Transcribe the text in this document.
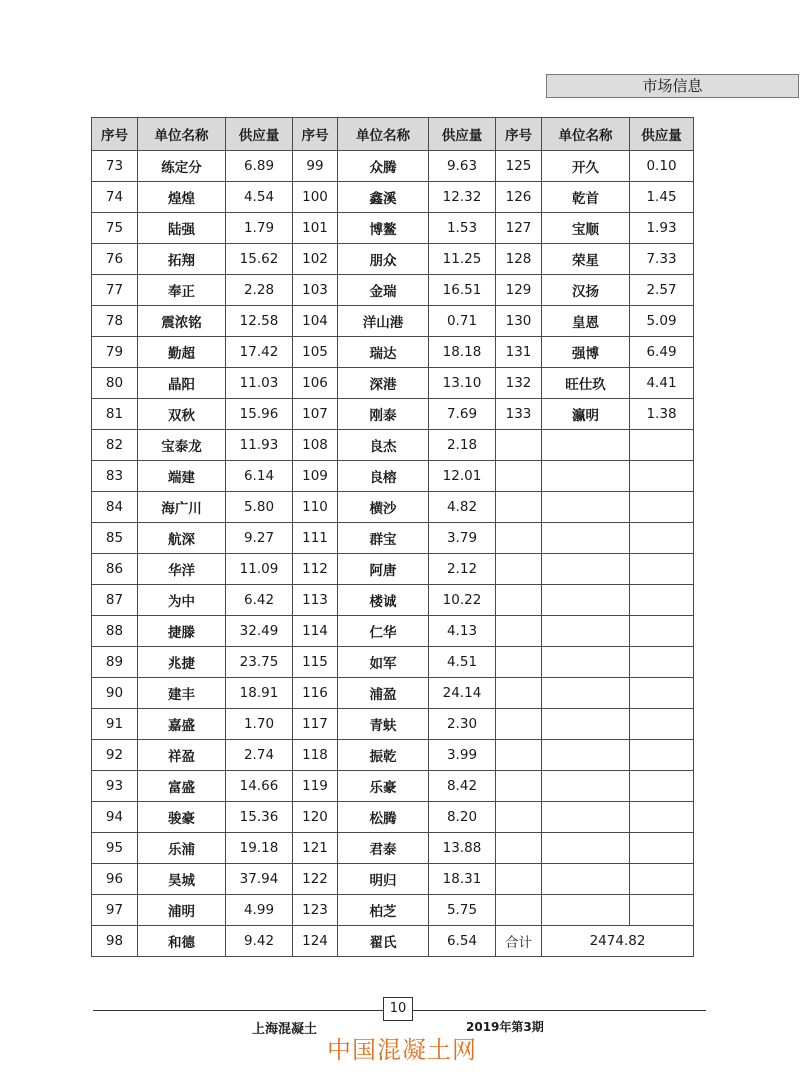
市场信息
序号	单位名称	供应量	序号	单位名称	供应量	序号	单位名称	供应量
73	练定分	6.89	99	众腾	9.63	125	开久	0.10
74	煌煌	4.54	100	鑫溪	12.32	126	乾首	1.45
75	陆强	1.79	101	博鳌	1.53	127	宝顺	1.93
76	拓翔	15.62	102	朋众	11.25	128	荣星	7.33
77	奉正	2.28	103	金瑞	16.51	129	汉扬	2.57
78	震浓铭	12.58	104	洋山港	0.71	130	皇恩	5.09
79	勤超	17.42	105	瑞达	18.18	131	强博	6.49
80	晶阳	11.03	106	深港	13.10	132	旺仕玖	4.41
81	双秋	15.96	107	刚泰	7.69	133	瀛明	1.38
82	宝泰龙	11.93	108	良杰	2.18			
83	端建	6.14	109	良榕	12.01			
84	海广川	5.80	110	横沙	4.82			
85	航深	9.27	111	群宝	3.79			
86	华洋	11.09	112	阿唐	2.12			
87	为中	6.42	113	楼诚	10.22			
88	捷滕	32.49	114	仁华	4.13			
89	兆捷	23.75	115	如军	4.51			
90	建丰	18.91	116	浦盈	24.14			
91	嘉盛	1.70	117	青蚨	2.30			
92	祥盈	2.74	118	振乾	3.99			
93	富盛	14.66	119	乐豪	8.42			
94	骏豪	15.36	120	松腾	8.20			
95	乐浦	19.18	121	君泰	13.88			
96	昊城	37.94	122	明归	18.31			
97	浦明	4.99	123	柏芝	5.75			
98	和德	9.42	124	翟氏	6.54	合计	2474.82	
上海混凝土
10
2019年第3期
中国混凝土网
